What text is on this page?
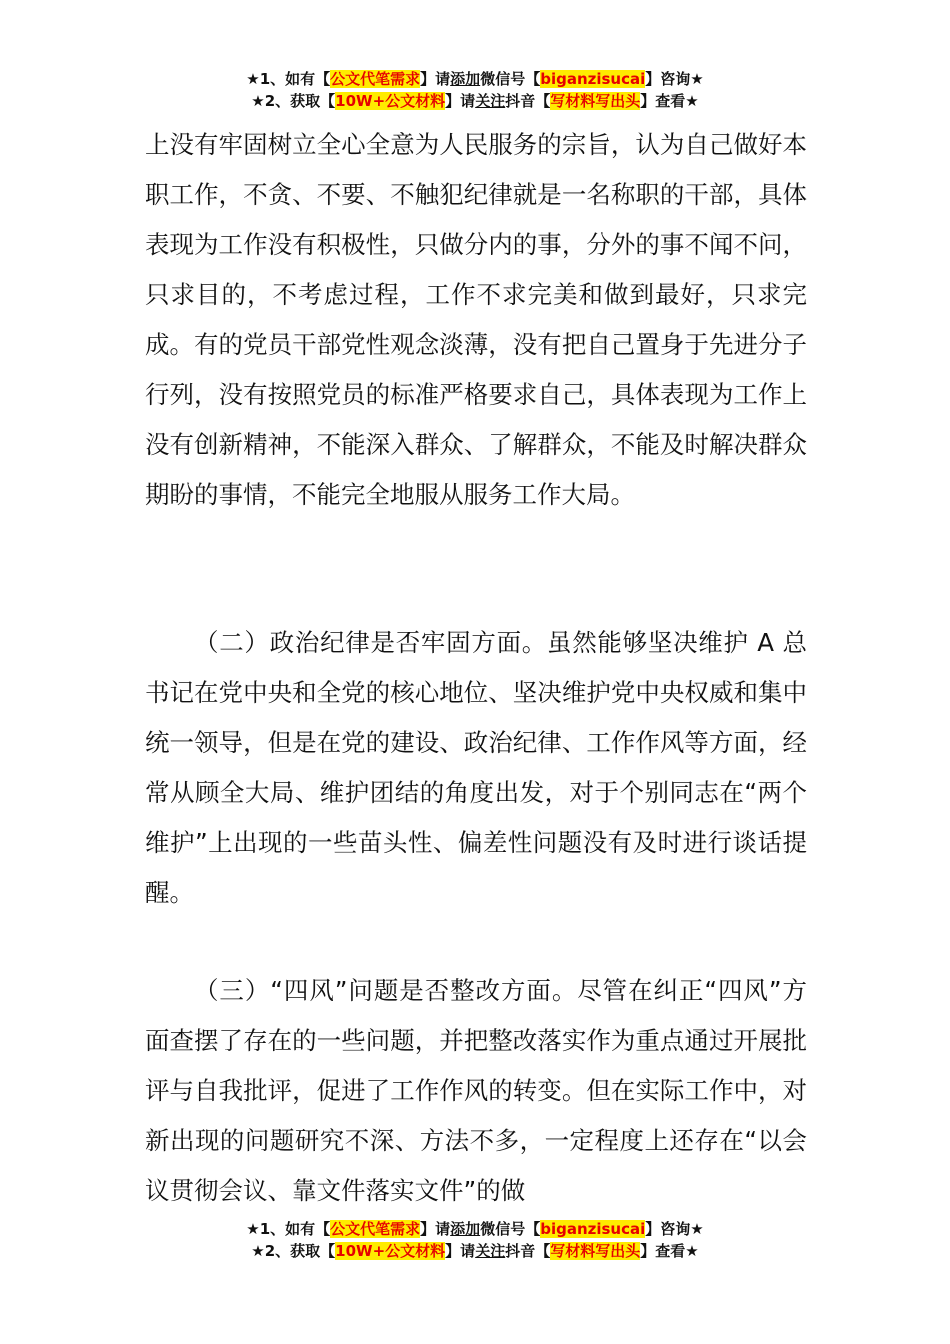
★1、如有【公文代笔需求】请添加微信号【biganzisucai】咨询★
★2、获取【10W+公文材料】请关注抖音【写材料写出头】查看★

上没有牢固树立全心全意为人民服务的宗旨，认为自己做好本职工作，不贪、不要、不触犯纪律就是一名称职的干部，具体表现为工作没有积极性，只做分内的事，分外的事不闻不问，只求目的，不考虑过程，工作不求完美和做到最好，只求完成。有的党员干部党性观念淡薄，没有把自己置身于先进分子行列，没有按照党员的标准严格要求自己，具体表现为工作上没有创新精神，不能深入群众、了解群众，不能及时解决群众期盼的事情，不能完全地服从服务工作大局。

（二）政治纪律是否牢固方面。虽然能够坚决维护 A 总书记在党中央和全党的核心地位、坚决维护党中央权威和集中统一领导，但是在党的建设、政治纪律、工作作风等方面，经常从顾全大局、维护团结的角度出发，对于个别同志在“两个维护”上出现的一些苗头性、偏差性问题没有及时进行谈话提醒。

（三）“四风”问题是否整改方面。尽管在纠正“四风”方面查摆了存在的一些问题，并把整改落实作为重点通过开展批评与自我批评，促进了工作作风的转变。但在实际工作中，对新出现的问题研究不深、方法不多，一定程度上还存在“以会议贯彻会议、靠文件落实文件”的做

★1、如有【公文代笔需求】请添加微信号【biganzisucai】咨询★
★2、获取【10W+公文材料】请关注抖音【写材料写出头】查看★
